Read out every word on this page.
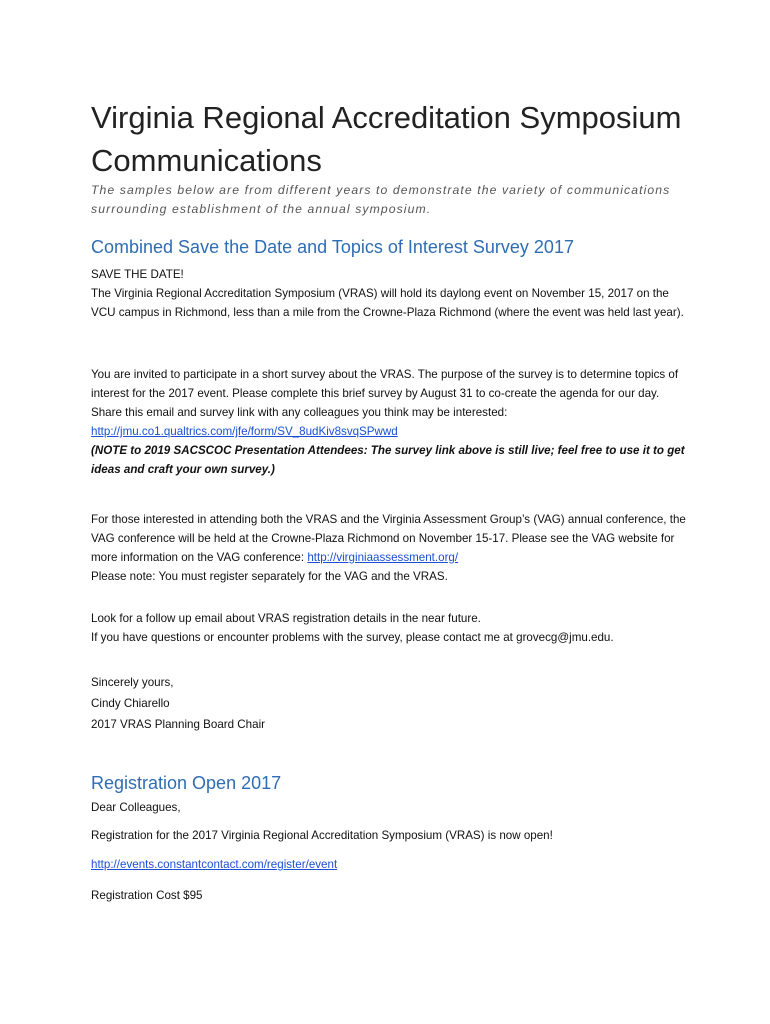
Virginia Regional Accreditation Symposium Communications

The samples below are from different years to demonstrate the variety of communications surrounding establishment of the annual symposium.

Combined Save the Date and Topics of Interest Survey 2017

SAVE THE DATE!

The Virginia Regional Accreditation Symposium (VRAS) will hold its daylong event on November 15, 2017 on the VCU campus in Richmond, less than a mile from the Crowne-Plaza Richmond (where the event was held last year).

You are invited to participate in a short survey about the VRAS. The purpose of the survey is to determine topics of interest for the 2017 event. Please complete this brief survey by August 31 to co-create the agenda for our day. Share this email and survey link with any colleagues you think may be interested: http://jmu.co1.qualtrics.com/jfe/form/SV_8udKiv8svqSPwwd

(NOTE to 2019 SACSCOC Presentation Attendees: The survey link above is still live; feel free to use it to get ideas and craft your own survey.)

For those interested in attending both the VRAS and the Virginia Assessment Group’s (VAG) annual conference, the VAG conference will be held at the Crowne-Plaza Richmond on November 15-17. Please see the VAG website for more information on the VAG conference: http://virginiaassessment.org/

Please note: You must register separately for the VAG and the VRAS.

Look for a follow up email about VRAS registration details in the near future.

If you have questions or encounter problems with the survey, please contact me at grovecg@jmu.edu.

Sincerely yours,

Cindy Chiarello

2017 VRAS Planning Board Chair

Registration Open 2017

Dear Colleagues,

Registration for the 2017 Virginia Regional Accreditation Symposium (VRAS) is now open!

http://events.constantcontact.com/register/event

Registration Cost $95
